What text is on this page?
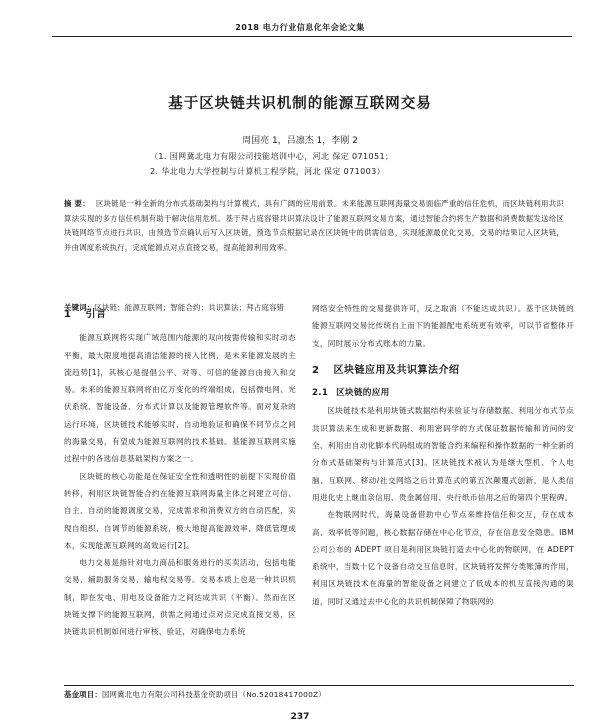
2018 电力行业信息化年会论文集
基于区块链共识机制的能源互联网交易
周国亮 1，吕凛杰 1，李刚 2
（1. 国网冀北电力有限公司技能培训中心，河北 保定 071051；
2. 华北电力大学控制与计算机工程学院，河北 保定 071003）
摘 要： 区块链是一种全新的分布式基础架构与计算模式，具有广阔的应用前景。未来能源互联网海量交易面临严重的信任危机，而区块链利用共识算法实现的多方信任机制有助于解决信用危机。基于拜占庭容错共识算法设计了能源互联网交易方案，通过智能合约将生产数据和消费数据发送给区块链网络节点进行共识，由预选节点确认后写入区块链，预选节点根据记录在区块链中的供需信息，实现能源最优化交易，交易的结果记入区块链，并由调度系统执行，完成能源点对点直接交易，提高能源利用效率。
关键词：区块链；能源互联网；智能合约；共识算法；拜占庭容错
1 引言

能源互联网将实现广域范围内能源的双向按需传输和实时动态平衡，最大限度地提高清洁能源的接入比例，是未来能源发展的主流趋势[1]，其核心是提倡公平、对等、可信的能源自由接入和交易。未来的能源互联网将由亿万变化的终端组成，包括微电网、光伏系统、智能设备、分布式计算以及能源管理软件等。面对复杂的运行环境，区块链技术能够实时、自动地验证和确保不同节点之间的海量交易，有望成为能源互联网的技术基础。基能源互联网实施过程中的各选信息基础架构方案之一。

区块链的核心功能是在保证安全性和透明性的前提下实现价值转移，利用区块链智能合约在能源互联网海量主体之间建立可信、自主、自动的能源调度交易，完成需求和消费双方的自动匹配，实现自组织、自调节的能源系统，极大地提高能源效率、降低管理成本，实现能源互联网的高效运行[2]。

电力交易是指针对电力商品和服务进行的买卖活动，包括电能交易、辅助服务交易、输电权交易等。交易本质上也是一种共识机制，即在发电、用电及设备能力之间达成共识（平衡）。然而在区块链支撑下的能源互联网，供需之间通过点对点完成直接交易，区块链共识机制如何进行审核、验证，对确保电力系统

网络安全特性的交易提供许可，反之取消（不能达成共识）。基于区块链的能源互联网交易比传统自上而下的能源配电系统更有效率，可以节省整体开支，同时展示分布式账本的力量。

2 区块链应用及共识算法介绍
2.1 区块链的应用

区块链技术是利用块链式数据结构来验证与存储数据、利用分布式节点共识算法来生成和更新数据、利用密码学的方式保证数据传输和访问的安全、利用由自动化脚本代码组成的智能合约来编程和操作数据的一种全新的分布式基础架构与计算范式[3]。区块链技术被认为是继大型机、个人电脑、互联网、移动/社交网络之后计算范式的第五次颠覆式创新，是人类信用进化史上继血亲信用、贵金属信用、央行纸币信用之后的第四个里程碑。

在物联网时代，海量设备借助中心节点来维持信任和交互，存在成本高、效率低等问题，核心数据存储在中心化节点，存在信息安全隐患。IBM 公司公布的 ADEPT 项目是利用区块链打造去中心化的物联网，在 ADEPT 系统中，当数十亿个设备自动交互信息时，区块链将发挥分类账簿的作用，利用区块链技术在海量的智能设备之间建立了低成本的机互直接沟通的渠道，同时又通过去中心化的共识机制保障了物联网的

基金项目：国网冀北电力有限公司科技基金资助项目（No.52018417000Z）
237
